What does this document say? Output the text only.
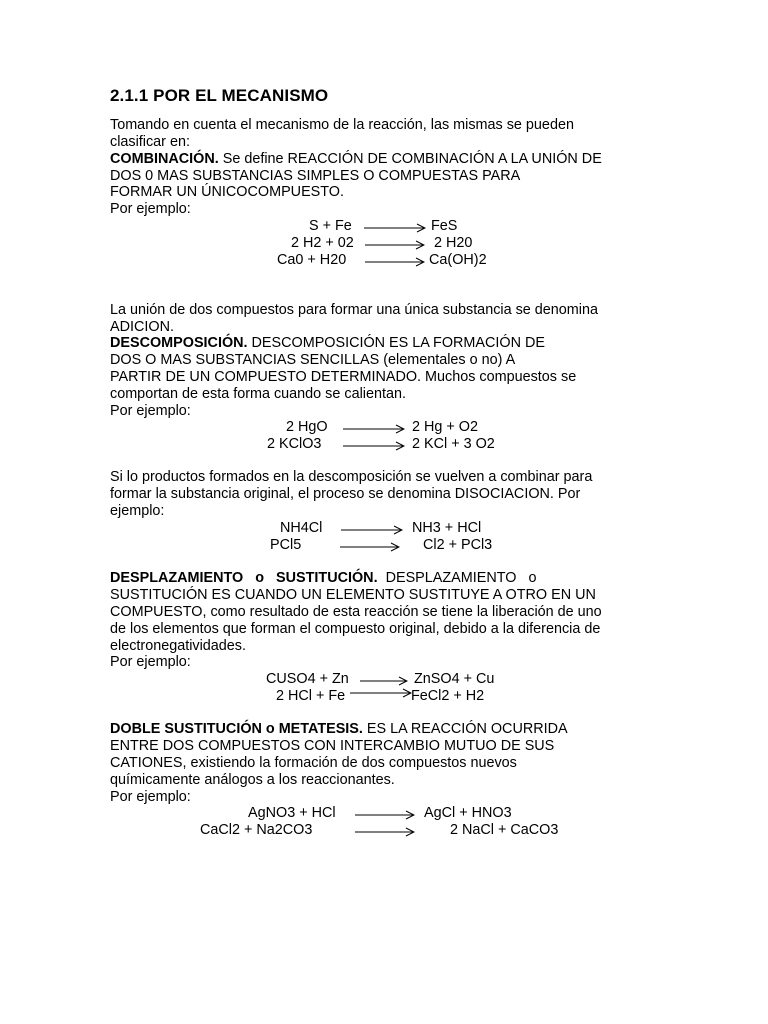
2.1.1 POR EL MECANISMO
Tomando en cuenta el mecanismo de la reacción, las mismas se pueden
clasificar en:
COMBINACIÓN. Se define REACCIÓN DE COMBINACIÓN A LA UNIÓN DE
DOS 0 MAS SUBSTANCIAS SIMPLES O COMPUESTAS PARA
FORMAR UN ÚNICOCOMPUESTO.
Por ejemplo:
S + Fe → FeS
2 H2 + 02 → 2 H20
Ca0 + H20 → Ca(OH)2
La unión de dos compuestos para formar una única substancia se denomina
ADICION.
DESCOMPOSICIÓN. DESCOMPOSICIÓN ES LA FORMACIÓN DE
DOS O MAS SUBSTANCIAS SENCILLAS (elementales o no) A
PARTIR DE UN COMPUESTO DETERMINADO. Muchos compuestos se
comportan de esta forma cuando se calientan.
Por ejemplo:
2 HgO → 2 Hg + O2
2 KClO3 → 2 KCl + 3 O2
Si lo productos formados en la descomposición se vuelven a combinar para
formar la substancia original, el proceso se denomina DISOCIACION. Por
ejemplo:
NH4Cl → NH3 + HCl
PCl5 → Cl2 + PCl3
DESPLAZAMIENTO   o   SUSTITUCIÓN.  DESPLAZAMIENTO   o
SUSTITUCIÓN ES CUANDO UN ELEMENTO SUSTITUYE A OTRO EN UN
COMPUESTO, como resultado de esta reacción se tiene la liberación de uno
de los elementos que forman el compuesto original, debido a la diferencia de
electronegatividades.
Por ejemplo:
CUSO4 + Zn → ZnSO4 + Cu
2 HCl + Fe → FeCl2 + H2
DOBLE SUSTITUCIÓN o METATESIS. ES LA REACCIÓN OCURRIDA
ENTRE DOS COMPUESTOS CON INTERCAMBIO MUTUO DE SUS
CATIONES, existiendo la formación de dos compuestos nuevos
químicamente análogos a los reaccionantes.
Por ejemplo:
AgNO3 + HCl → AgCl + HNO3
CaCl2 + Na2CO3	2 NaCl + CaCO3
